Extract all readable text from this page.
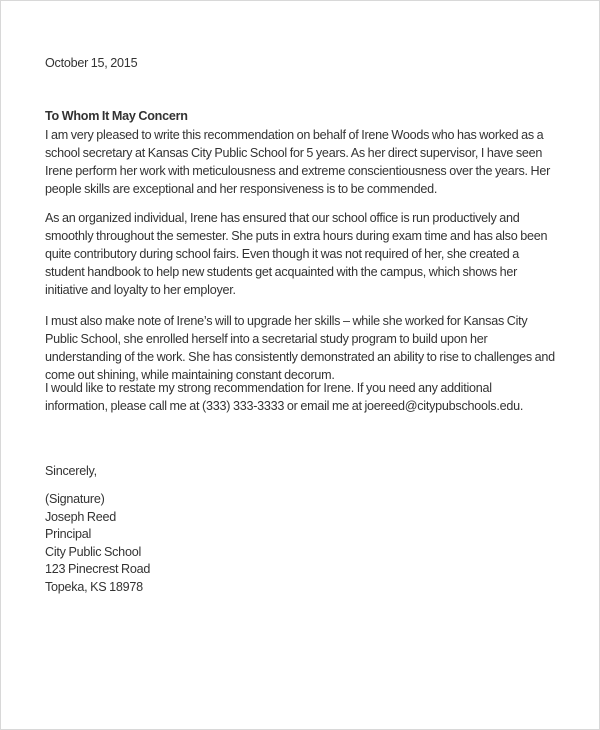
October 15, 2015
To Whom It May Concern

I am very pleased to write this recommendation on behalf of Irene Woods who has worked as a

school secretary at Kansas City Public School for 5 years. As her direct supervisor, I have seen

Irene perform her work with meticulousness and extreme conscientiousness over the years. Her

people skills are exceptional and her responsiveness is to be commended.

As an organized individual, Irene has ensured that our school office is run productively and

smoothly throughout the semester. She puts in extra hours during exam time and has also been

quite contributory during school fairs. Even though it was not required of her, she created a

student handbook to help new students get acquainted with the campus, which shows her

initiative and loyalty to her employer.

I must also make note of Irene’s will to upgrade her skills – while she worked for Kansas City

Public School, she enrolled herself into a secretarial study program to build upon her

understanding of the work. She has consistently demonstrated an ability to rise to challenges and

come out shining, while maintaining constant decorum.

I would like to restate my strong recommendation for Irene. If you need any additional

information, please call me at (333) 333-3333 or email me at joereed@citypubschools.edu.

Sincerely,
(Signature)
Joseph Reed
Principal
City Public School
123 Pinecrest Road
Topeka, KS 18978
